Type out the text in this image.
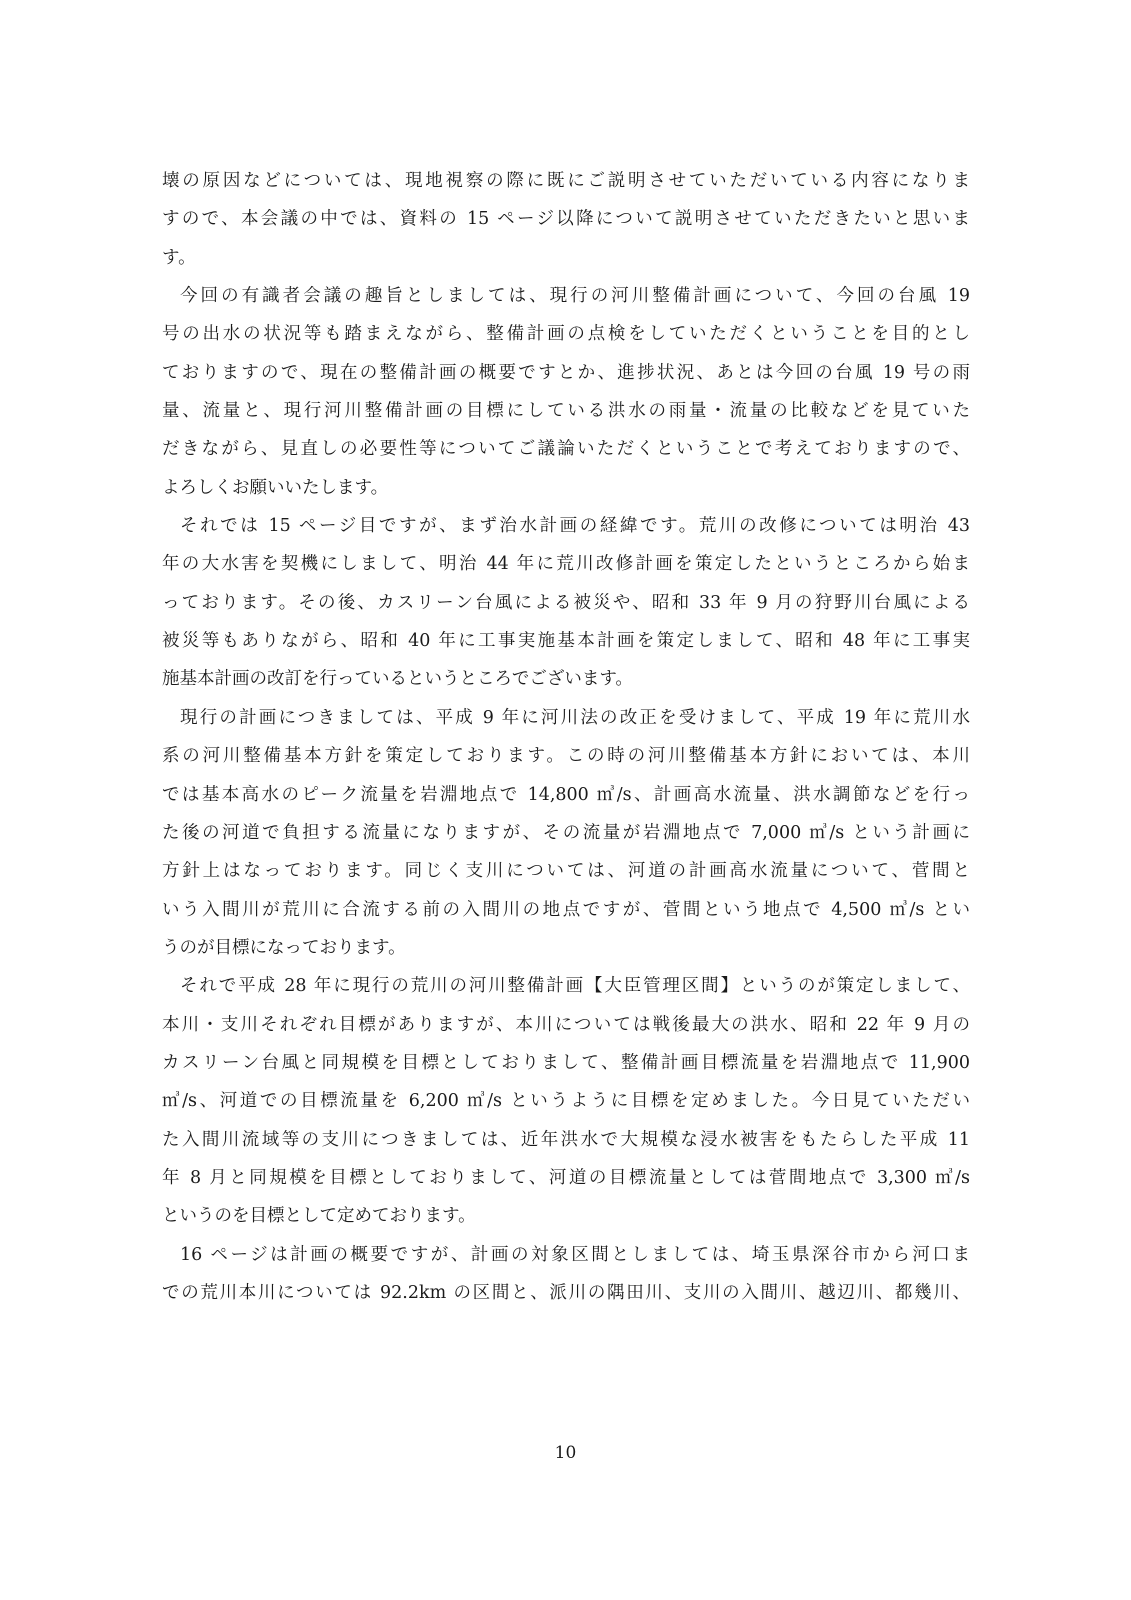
壊の原因などについては、現地視察の際に既にご説明させていただいている内容になりま
すので、本会議の中では、資料の 15 ページ以降について説明させていただきたいと思いま
す。
今回の有識者会議の趣旨としましては、現行の河川整備計画について、今回の台風 19
号の出水の状況等も踏まえながら、整備計画の点検をしていただくということを目的とし
ておりますので、現在の整備計画の概要ですとか、進捗状況、あとは今回の台風 19 号の雨
量、流量と、現行河川整備計画の目標にしている洪水の雨量・流量の比較などを見ていた
だきながら、見直しの必要性等についてご議論いただくということで考えておりますので、
よろしくお願いいたします。
それでは 15 ページ目ですが、まず治水計画の経緯です。荒川の改修については明治 43
年の大水害を契機にしまして、明治 44 年に荒川改修計画を策定したというところから始ま
っております。その後、カスリーン台風による被災や、昭和 33 年 9 月の狩野川台風による
被災等もありながら、昭和 40 年に工事実施基本計画を策定しまして、昭和 48 年に工事実
施基本計画の改訂を行っているというところでございます。
現行の計画につきましては、平成 9 年に河川法の改正を受けまして、平成 19 年に荒川水
系の河川整備基本方針を策定しております。この時の河川整備基本方針においては、本川
では基本高水のピーク流量を岩淵地点で 14,800 ㎥/s、計画高水流量、洪水調節などを行っ
た後の河道で負担する流量になりますが、その流量が岩淵地点で 7,000 ㎥/s という計画に
方針上はなっております。同じく支川については、河道の計画高水流量について、菅間と
いう入間川が荒川に合流する前の入間川の地点ですが、菅間という地点で 4,500 ㎥/s とい
うのが目標になっております。
それで平成 28 年に現行の荒川の河川整備計画【大臣管理区間】というのが策定しまして、
本川・支川それぞれ目標がありますが、本川については戦後最大の洪水、昭和 22 年 9 月の
カスリーン台風と同規模を目標としておりまして、整備計画目標流量を岩淵地点で 11,900
㎥/s、河道での目標流量を 6,200 ㎥/s というように目標を定めました。今日見ていただい
た入間川流域等の支川につきましては、近年洪水で大規模な浸水被害をもたらした平成 11
年 8 月と同規模を目標としておりまして、河道の目標流量としては菅間地点で 3,300 ㎥/s
というのを目標として定めております。
16 ページは計画の概要ですが、計画の対象区間としましては、埼玉県深谷市から河口ま
での荒川本川については 92.2km の区間と、派川の隅田川、支川の入間川、越辺川、都幾川、
10
